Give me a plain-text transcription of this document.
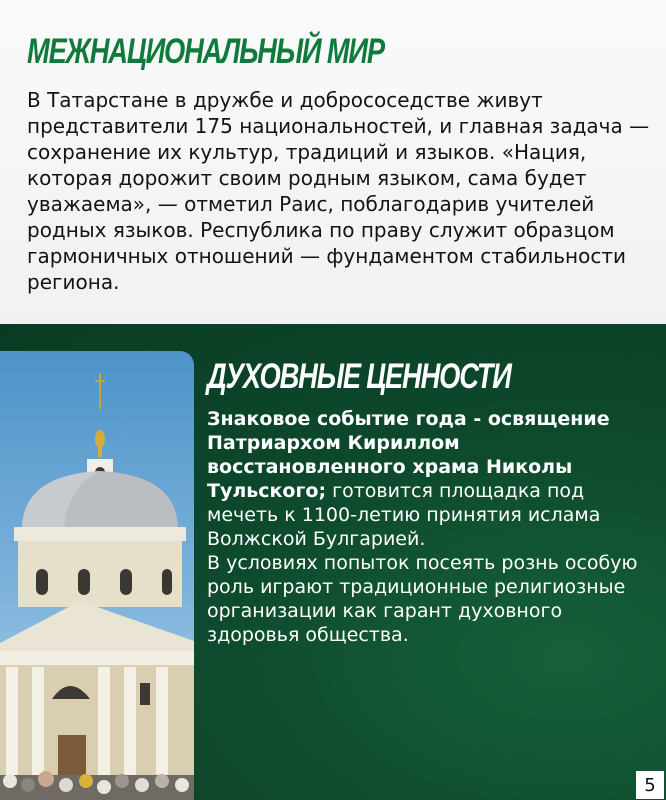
МЕЖНАЦИОНАЛЬНЫЙ МИР

В Татарстане в дружбе и добрососедстве живут представители 175 национальностей, и главная задача — сохранение их культур, традиций и языков. «Нация, которая дорожит своим родным языком, сама будет уважаема», — отметил Раис, поблагодарив учителей родных языков. Республика по праву служит образцом гармоничных отношений — фундаментом стабильности региона.

ДУХОВНЫЕ ЦЕННОСТИ

Знаковое событие года - освящение Патриархом Кириллом восстановленного храма Николы Тульского; готовится площадка под мечеть к 1100-летию принятия ислама Волжской Булгарией.
В условиях попыток посеять рознь особую роль играют традиционные религиозные организации как гарант духовного здоровья общества.

5
